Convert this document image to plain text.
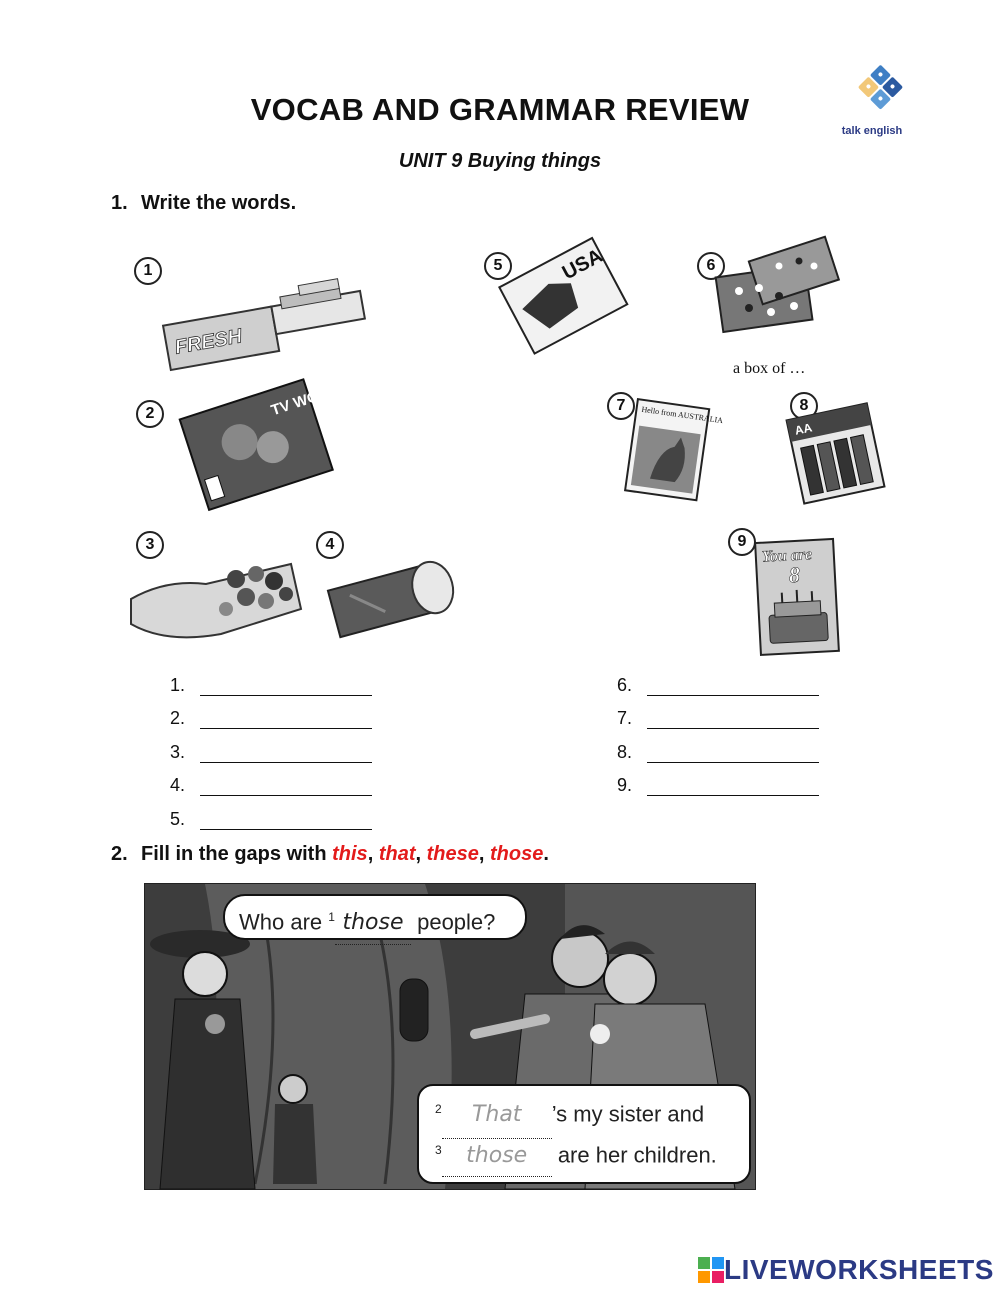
VOCAB AND GRAMMAR REVIEW
UNIT 9 Buying things
talk english
1. Write the words.
1
FRESH
2	TV WORLD
3	4
5	USA	6
a box of …
7	Hello from AUSTRALIA	8
AA
9
You are
8
1.
2.
3.
4.
5.
6.
7.
8.
9.
2. Fill in the gaps with this, that, these, those.
Who are $^1$ those people?
$^2$ That ’s my sister and
$^3$ those are her children.
LIVEWORKSHEETS
